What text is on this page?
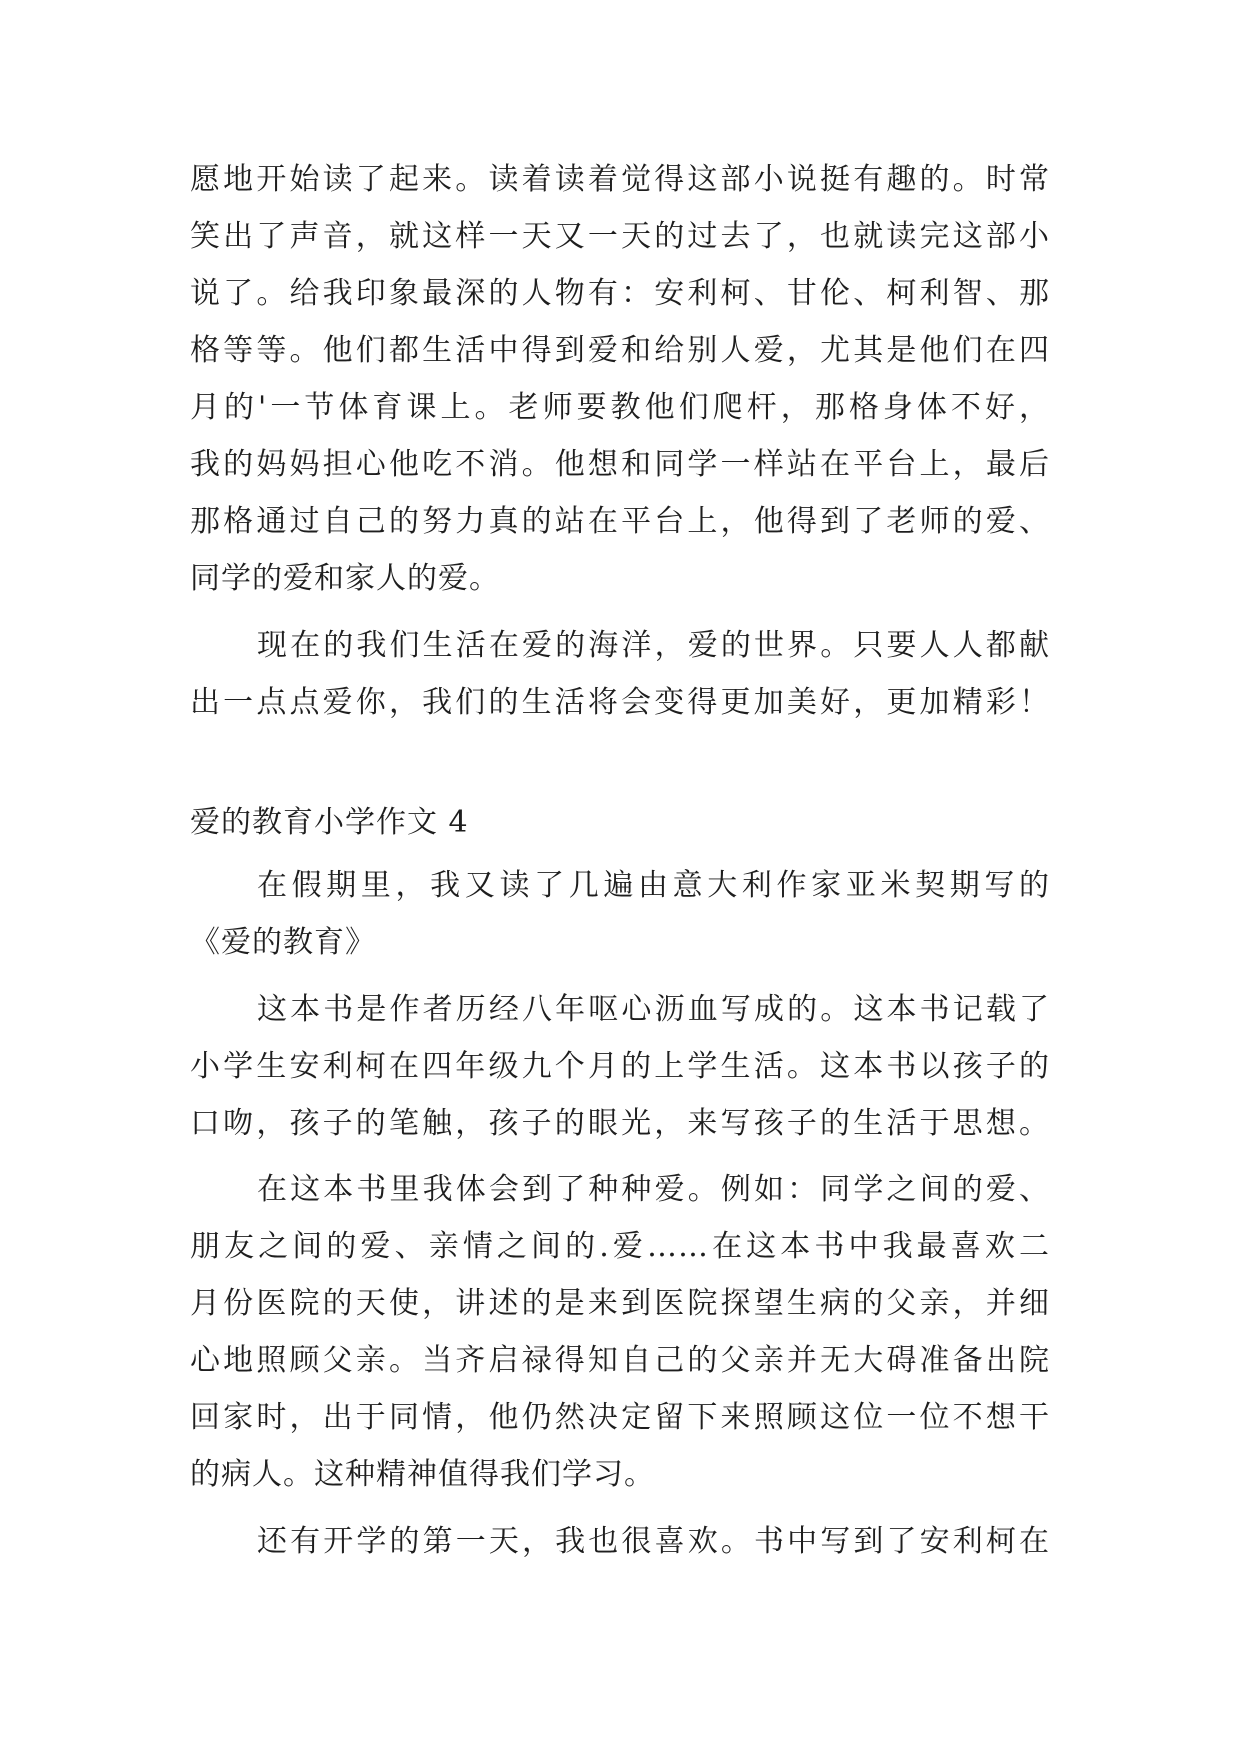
愿地开始读了起来。读着读着觉得这部小说挺有趣的。时常
笑出了声音，就这样一天又一天的过去了，也就读完这部小
说了。给我印象最深的人物有：安利柯、甘伦、柯利智、那
格等等。他们都生活中得到爱和给别人爱，尤其是他们在四
月的'一节体育课上。老师要教他们爬杆，那格身体不好，
我的妈妈担心他吃不消。他想和同学一样站在平台上，最后
那格通过自己的努力真的站在平台上，他得到了老师的爱、
同学的爱和家人的爱。
现在的我们生活在爱的海洋，爱的世界。只要人人都献
出一点点爱你，我们的生活将会变得更加美好，更加精彩！
爱的教育小学作文 4
在假期里，我又读了几遍由意大利作家亚米契期写的
《爱的教育》
这本书是作者历经八年呕心沥血写成的。这本书记载了
小学生安利柯在四年级九个月的上学生活。这本书以孩子的
口吻，孩子的笔触，孩子的眼光，来写孩子的生活于思想。
在这本书里我体会到了种种爱。例如：同学之间的爱、
朋友之间的爱、亲情之间的.爱……在这本书中我最喜欢二
月份医院的天使，讲述的是来到医院探望生病的父亲，并细
心地照顾父亲。当齐启禄得知自己的父亲并无大碍准备出院
回家时，出于同情，他仍然决定留下来照顾这位一位不想干
的病人。这种精神值得我们学习。
还有开学的第一天，我也很喜欢。书中写到了安利柯在
